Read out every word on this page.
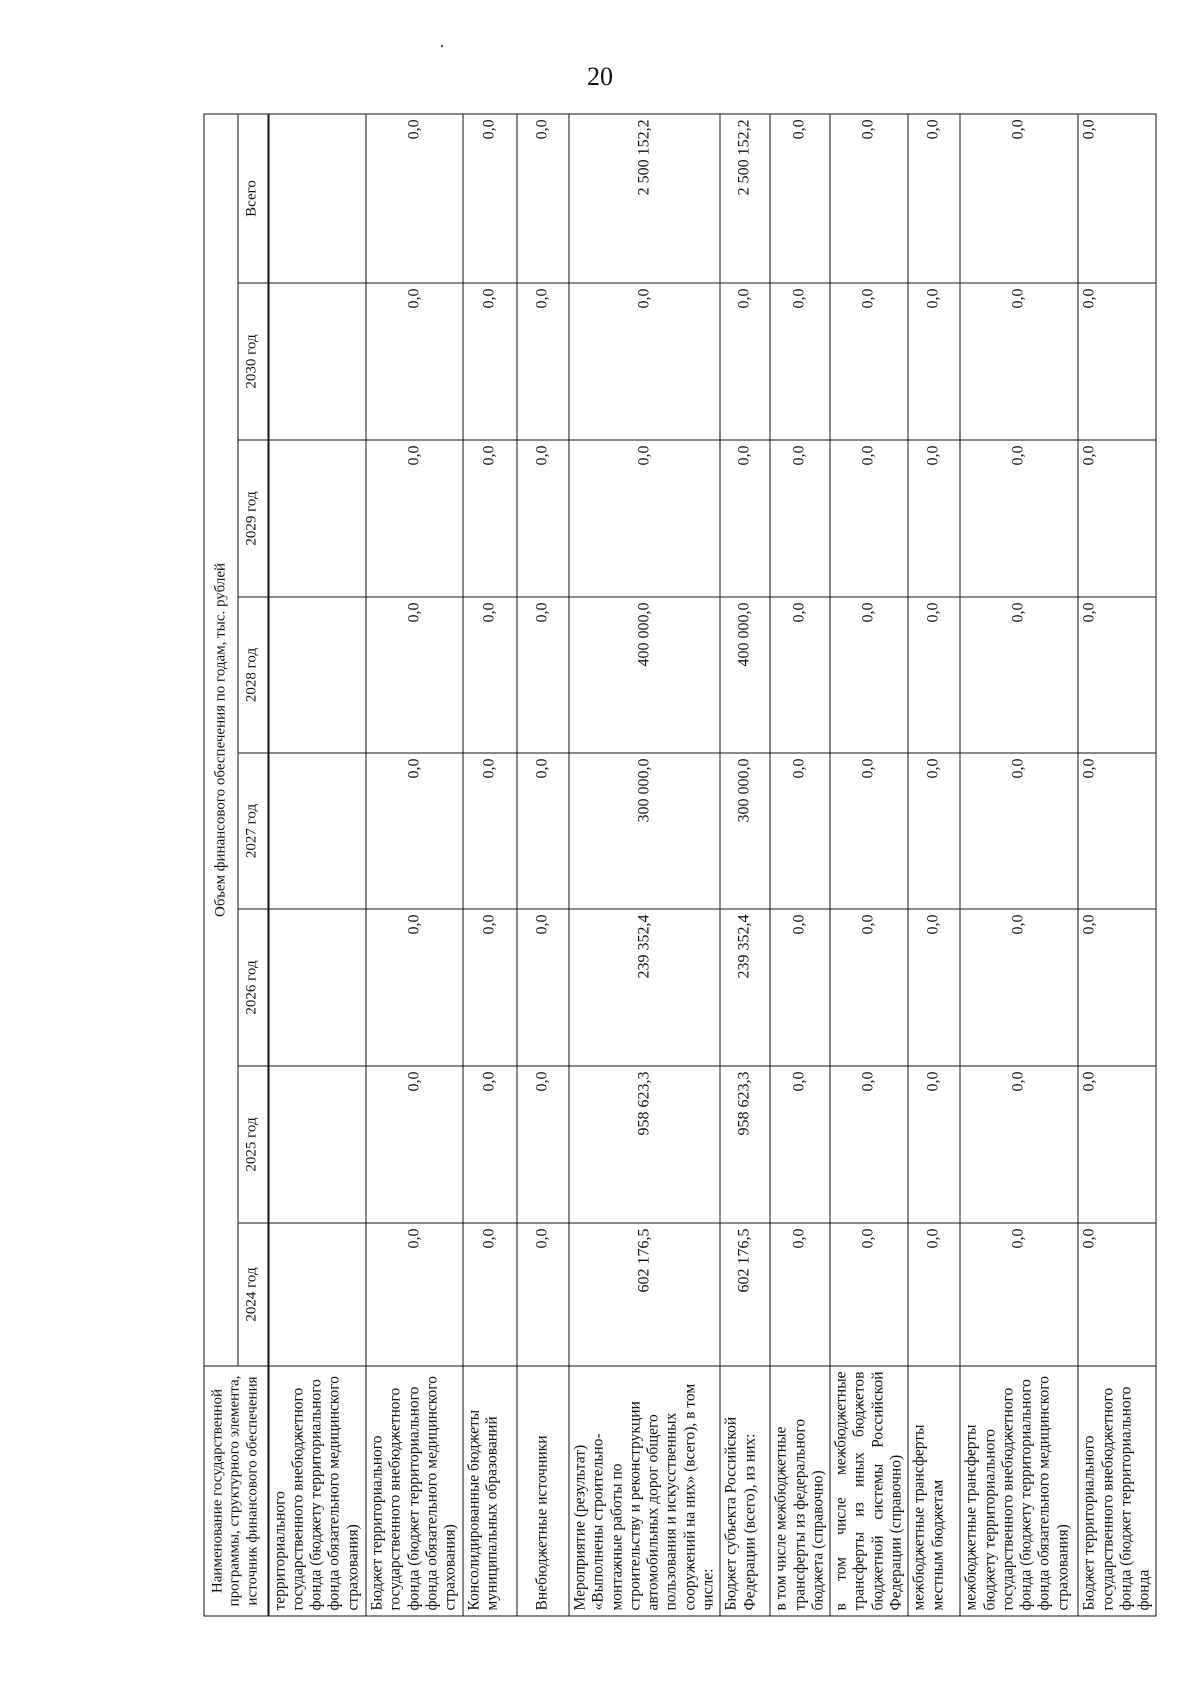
20
Наименование государственной программы, структурного элемента, источник финансового обеспечения	Объем финансового обеспечения по годам, тыс. рублей							
	2024 год	2025 год	2026 год	2027 год	2028 год	2029 год	2030 год	Всего
территориального государственного внебюджетного фонда (бюджету территориального фонда обязательного медицинского страхования)								
Бюджет территориального государственного внебюджетного фонда (бюджет территориального фонда обязательного медицинского страхования)	0,0	0,0	0,0	0,0	0,0	0,0	0,0	0,0
Консолидированные бюджеты муниципальных образований	0,0	0,0	0,0	0,0	0,0	0,0	0,0	0,0
Внебюджетные источники	0,0	0,0	0,0	0,0	0,0	0,0	0,0	0,0
Мероприятие (результат) «Выполнены строительно-монтажные работы по строительству и реконструкции автомобильных дорог общего пользования и искусственных сооружений на них» (всего), в том числе:	602 176,5	958 623,3	239 352,4	300 000,0	400 000,0	0,0	0,0	2 500 152,2
Бюджет субъекта Российской Федерации (всего), из них:	602 176,5	958 623,3	239 352,4	300 000,0	400 000,0	0,0	0,0	2 500 152,2
в том числе межбюджетные трансферты из федерального бюджета (справочно)	0,0	0,0	0,0	0,0	0,0	0,0	0,0	0,0
в том числе межбюджетные трансферты из иных бюджетов бюджетной системы Российской Федерации (справочно)	0,0	0,0	0,0	0,0	0,0	0,0	0,0	0,0
межбюджетные трансферты местным бюджетам	0,0	0,0	0,0	0,0	0,0	0,0	0,0	0,0
межбюджетные трансферты бюджету территориального государственного внебюджетного фонда (бюджету территориального фонда обязательного медицинского страхования)	0,0	0,0	0,0	0,0	0,0	0,0	0,0	0,0
Бюджет территориального государственного внебюджетного фонда (бюджет территориального фонда	0,0	0,0	0,0	0,0	0,0	0,0	0,0	0,0
